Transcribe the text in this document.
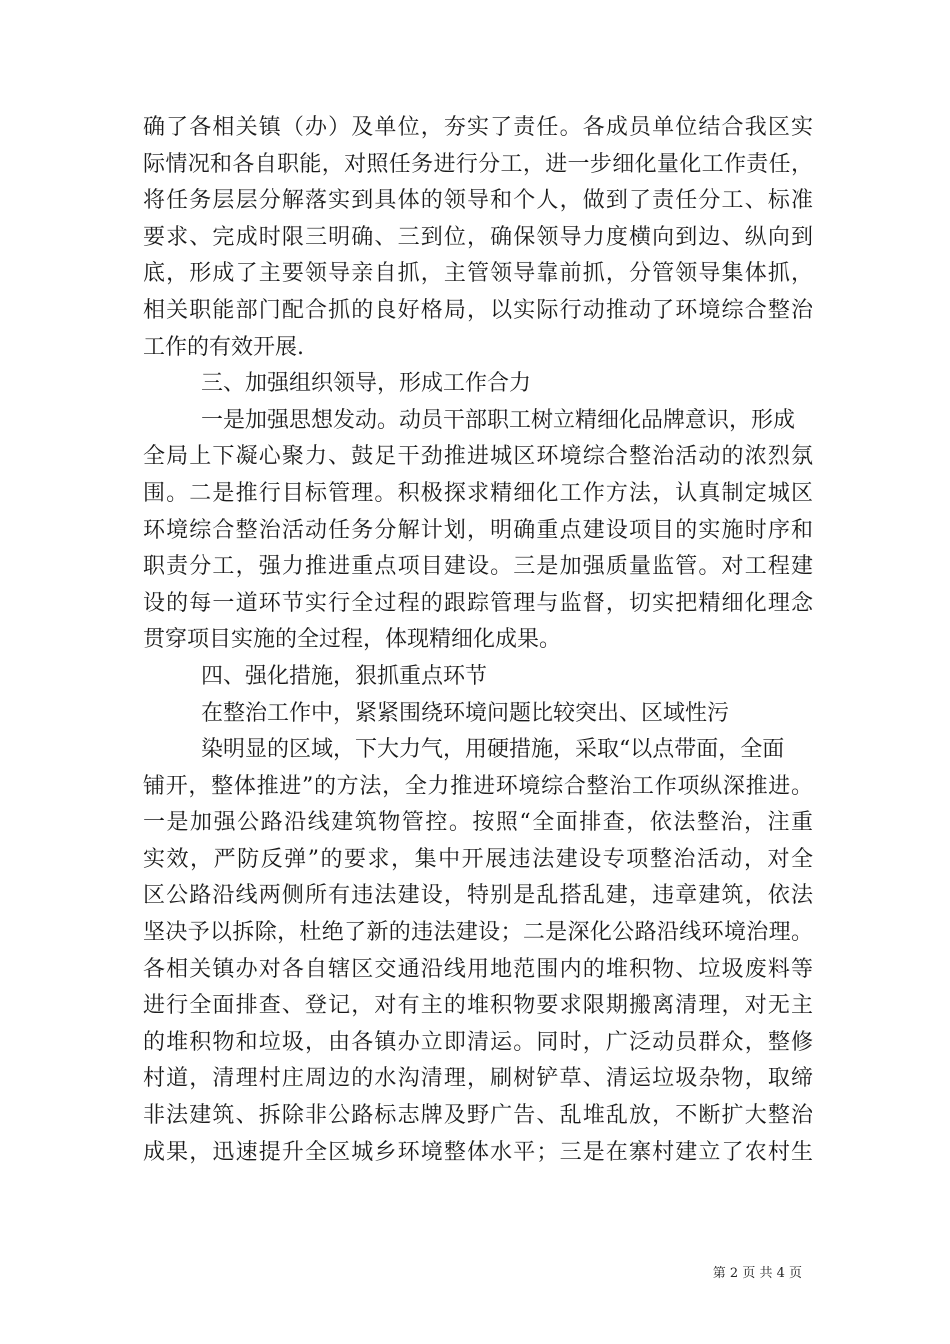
确了各相关镇（办）及单位，夯实了责任。各成员单位结合我区实
际情况和各自职能，对照任务进行分工，进一步细化量化工作责任，
将任务层层分解落实到具体的领导和个人，做到了责任分工、标准
要求、完成时限三明确、三到位，确保领导力度横向到边、纵向到
底，形成了主要领导亲自抓，主管领导靠前抓，分管领导集体抓，
相关职能部门配合抓的良好格局，以实际行动推动了环境综合整治
工作的有效开展.
三、加强组织领导，形成工作合力
一是加强思想发动。动员干部职工树立精细化品牌意识，形成
全局上下凝心聚力、鼓足干劲推进城区环境综合整治活动的浓烈氛
围。二是推行目标管理。积极探求精细化工作方法，认真制定城区
环境综合整治活动任务分解计划，明确重点建设项目的实施时序和
职责分工，强力推进重点项目建设。三是加强质量监管。对工程建
设的每一道环节实行全过程的跟踪管理与监督，切实把精细化理念
贯穿项目实施的全过程，体现精细化成果。
四、强化措施，狠抓重点环节
在整治工作中，紧紧围绕环境问题比较突出、区域性污
染明显的区域，下大力气，用硬措施，采取“以点带面，全面
铺开，整体推进”的方法，全力推进环境综合整治工作项纵深推进。
一是加强公路沿线建筑物管控。按照“全面排查，依法整治，注重
实效，严防反弹”的要求，集中开展违法建设专项整治活动，对全
区公路沿线两侧所有违法建设，特别是乱搭乱建，违章建筑，依法
坚决予以拆除，杜绝了新的违法建设；二是深化公路沿线环境治理。
各相关镇办对各自辖区交通沿线用地范围内的堆积物、垃圾废料等
进行全面排查、登记，对有主的堆积物要求限期搬离清理，对无主
的堆积物和垃圾，由各镇办立即清运。同时，广泛动员群众，整修
村道，清理村庄周边的水沟清理，刷树铲草、清运垃圾杂物，取缔
非法建筑、拆除非公路标志牌及野广告、乱堆乱放，不断扩大整治
成果，迅速提升全区城乡环境整体水平；三是在寨村建立了农村生
第 2 页 共 4 页
